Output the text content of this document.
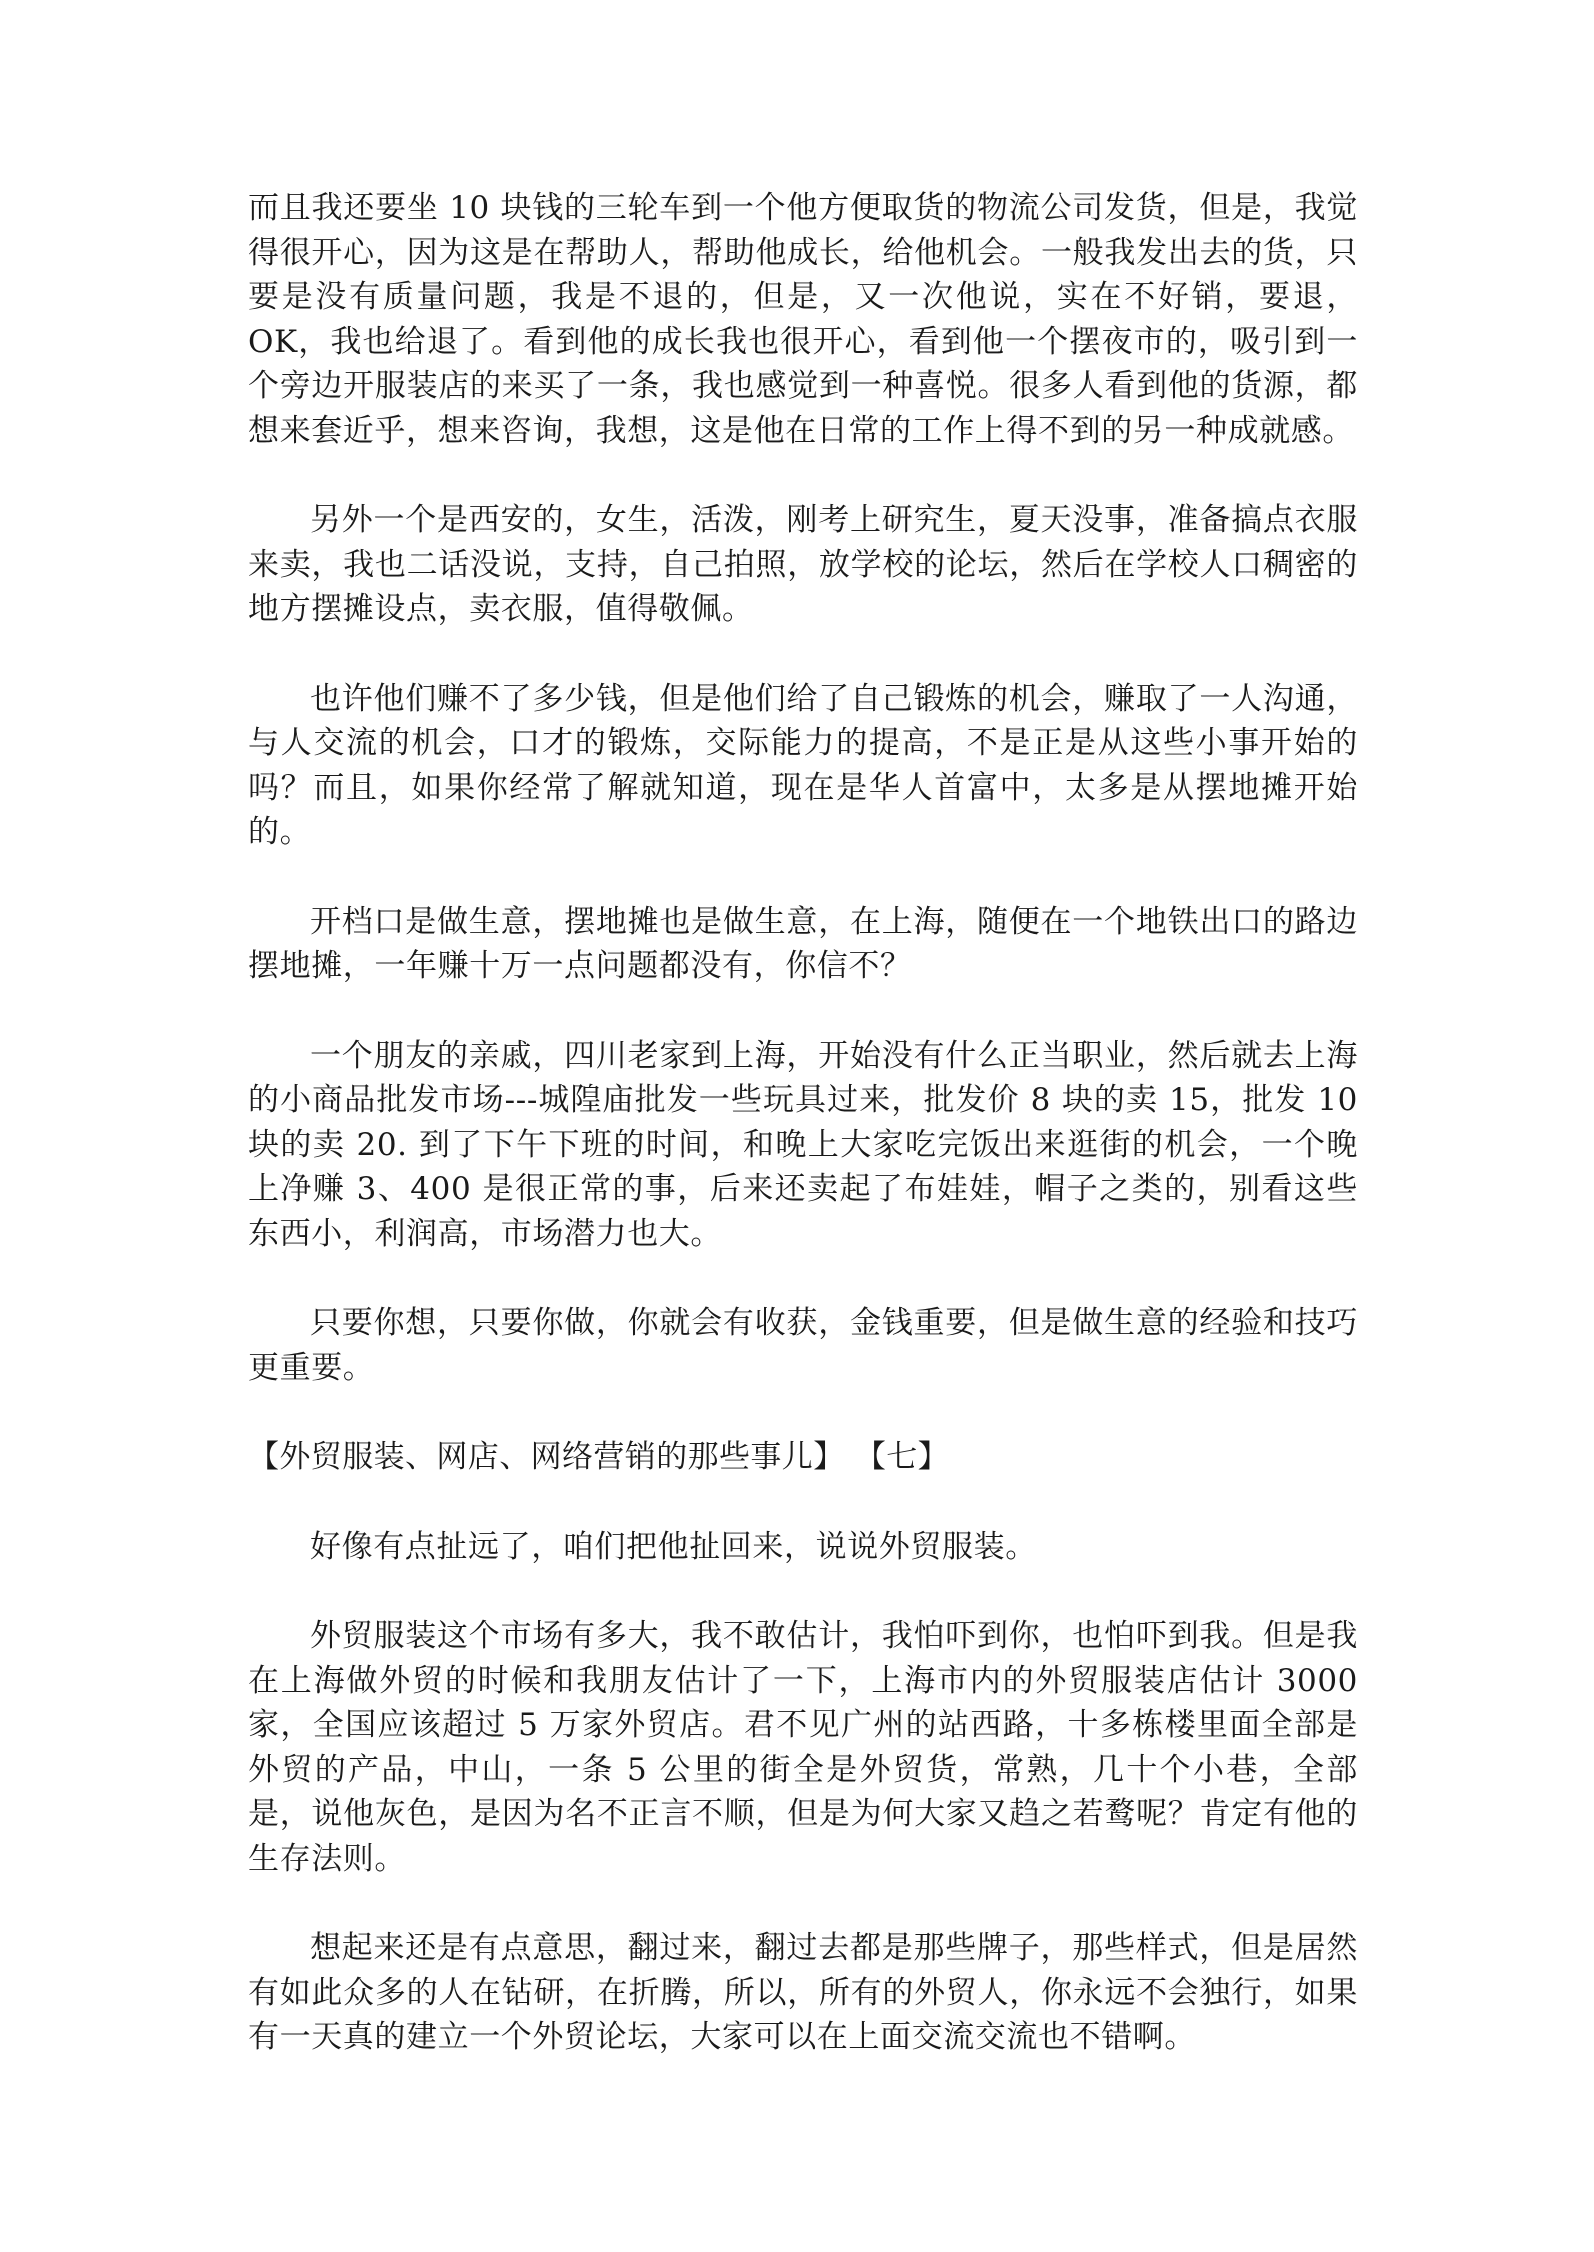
而且我还要坐 10 块钱的三轮车到一个他方便取货的物流公司发货，但是，我觉得很开心，因为这是在帮助人，帮助他成长，给他机会。一般我发出去的货，只要是没有质量问题，我是不退的，但是，又一次他说，实在不好销，要退，OK，我也给退了。看到他的成长我也很开心，看到他一个摆夜市的，吸引到一个旁边开服装店的来买了一条，我也感觉到一种喜悦。很多人看到他的货源，都想来套近乎，想来咨询，我想，这是他在日常的工作上得不到的另一种成就感。

另外一个是西安的，女生，活泼，刚考上研究生，夏天没事，准备搞点衣服来卖，我也二话没说，支持，自己拍照，放学校的论坛，然后在学校人口稠密的地方摆摊设点，卖衣服，值得敬佩。

也许他们赚不了多少钱，但是他们给了自己锻炼的机会，赚取了一人沟通，与人交流的机会，口才的锻炼，交际能力的提高，不是正是从这些小事开始的吗？而且，如果你经常了解就知道，现在是华人首富中，太多是从摆地摊开始的。

开档口是做生意，摆地摊也是做生意，在上海，随便在一个地铁出口的路边摆地摊，一年赚十万一点问题都没有，你信不？

一个朋友的亲戚，四川老家到上海，开始没有什么正当职业，然后就去上海的小商品批发市场---城隍庙批发一些玩具过来，批发价 8 块的卖 15，批发 10 块的卖 20. 到了下午下班的时间，和晚上大家吃完饭出来逛街的机会，一个晚上净赚 3、400 是很正常的事，后来还卖起了布娃娃，帽子之类的，别看这些东西小，利润高，市场潜力也大。

只要你想，只要你做，你就会有收获，金钱重要，但是做生意的经验和技巧更重要。

【外贸服装、网店、网络营销的那些事儿】 【七】

好像有点扯远了，咱们把他扯回来，说说外贸服装。

外贸服装这个市场有多大，我不敢估计，我怕吓到你，也怕吓到我。但是我在上海做外贸的时候和我朋友估计了一下，上海市内的外贸服装店估计 3000 家，全国应该超过 5 万家外贸店。君不见广州的站西路，十多栋楼里面全部是外贸的产品，中山，一条 5 公里的街全是外贸货，常熟，几十个小巷，全部是，说他灰色，是因为名不正言不顺，但是为何大家又趋之若鹜呢？肯定有他的生存法则。

想起来还是有点意思，翻过来，翻过去都是那些牌子，那些样式，但是居然有如此众多的人在钻研，在折腾，所以，所有的外贸人，你永远不会独行，如果有一天真的建立一个外贸论坛，大家可以在上面交流交流也不错啊。
